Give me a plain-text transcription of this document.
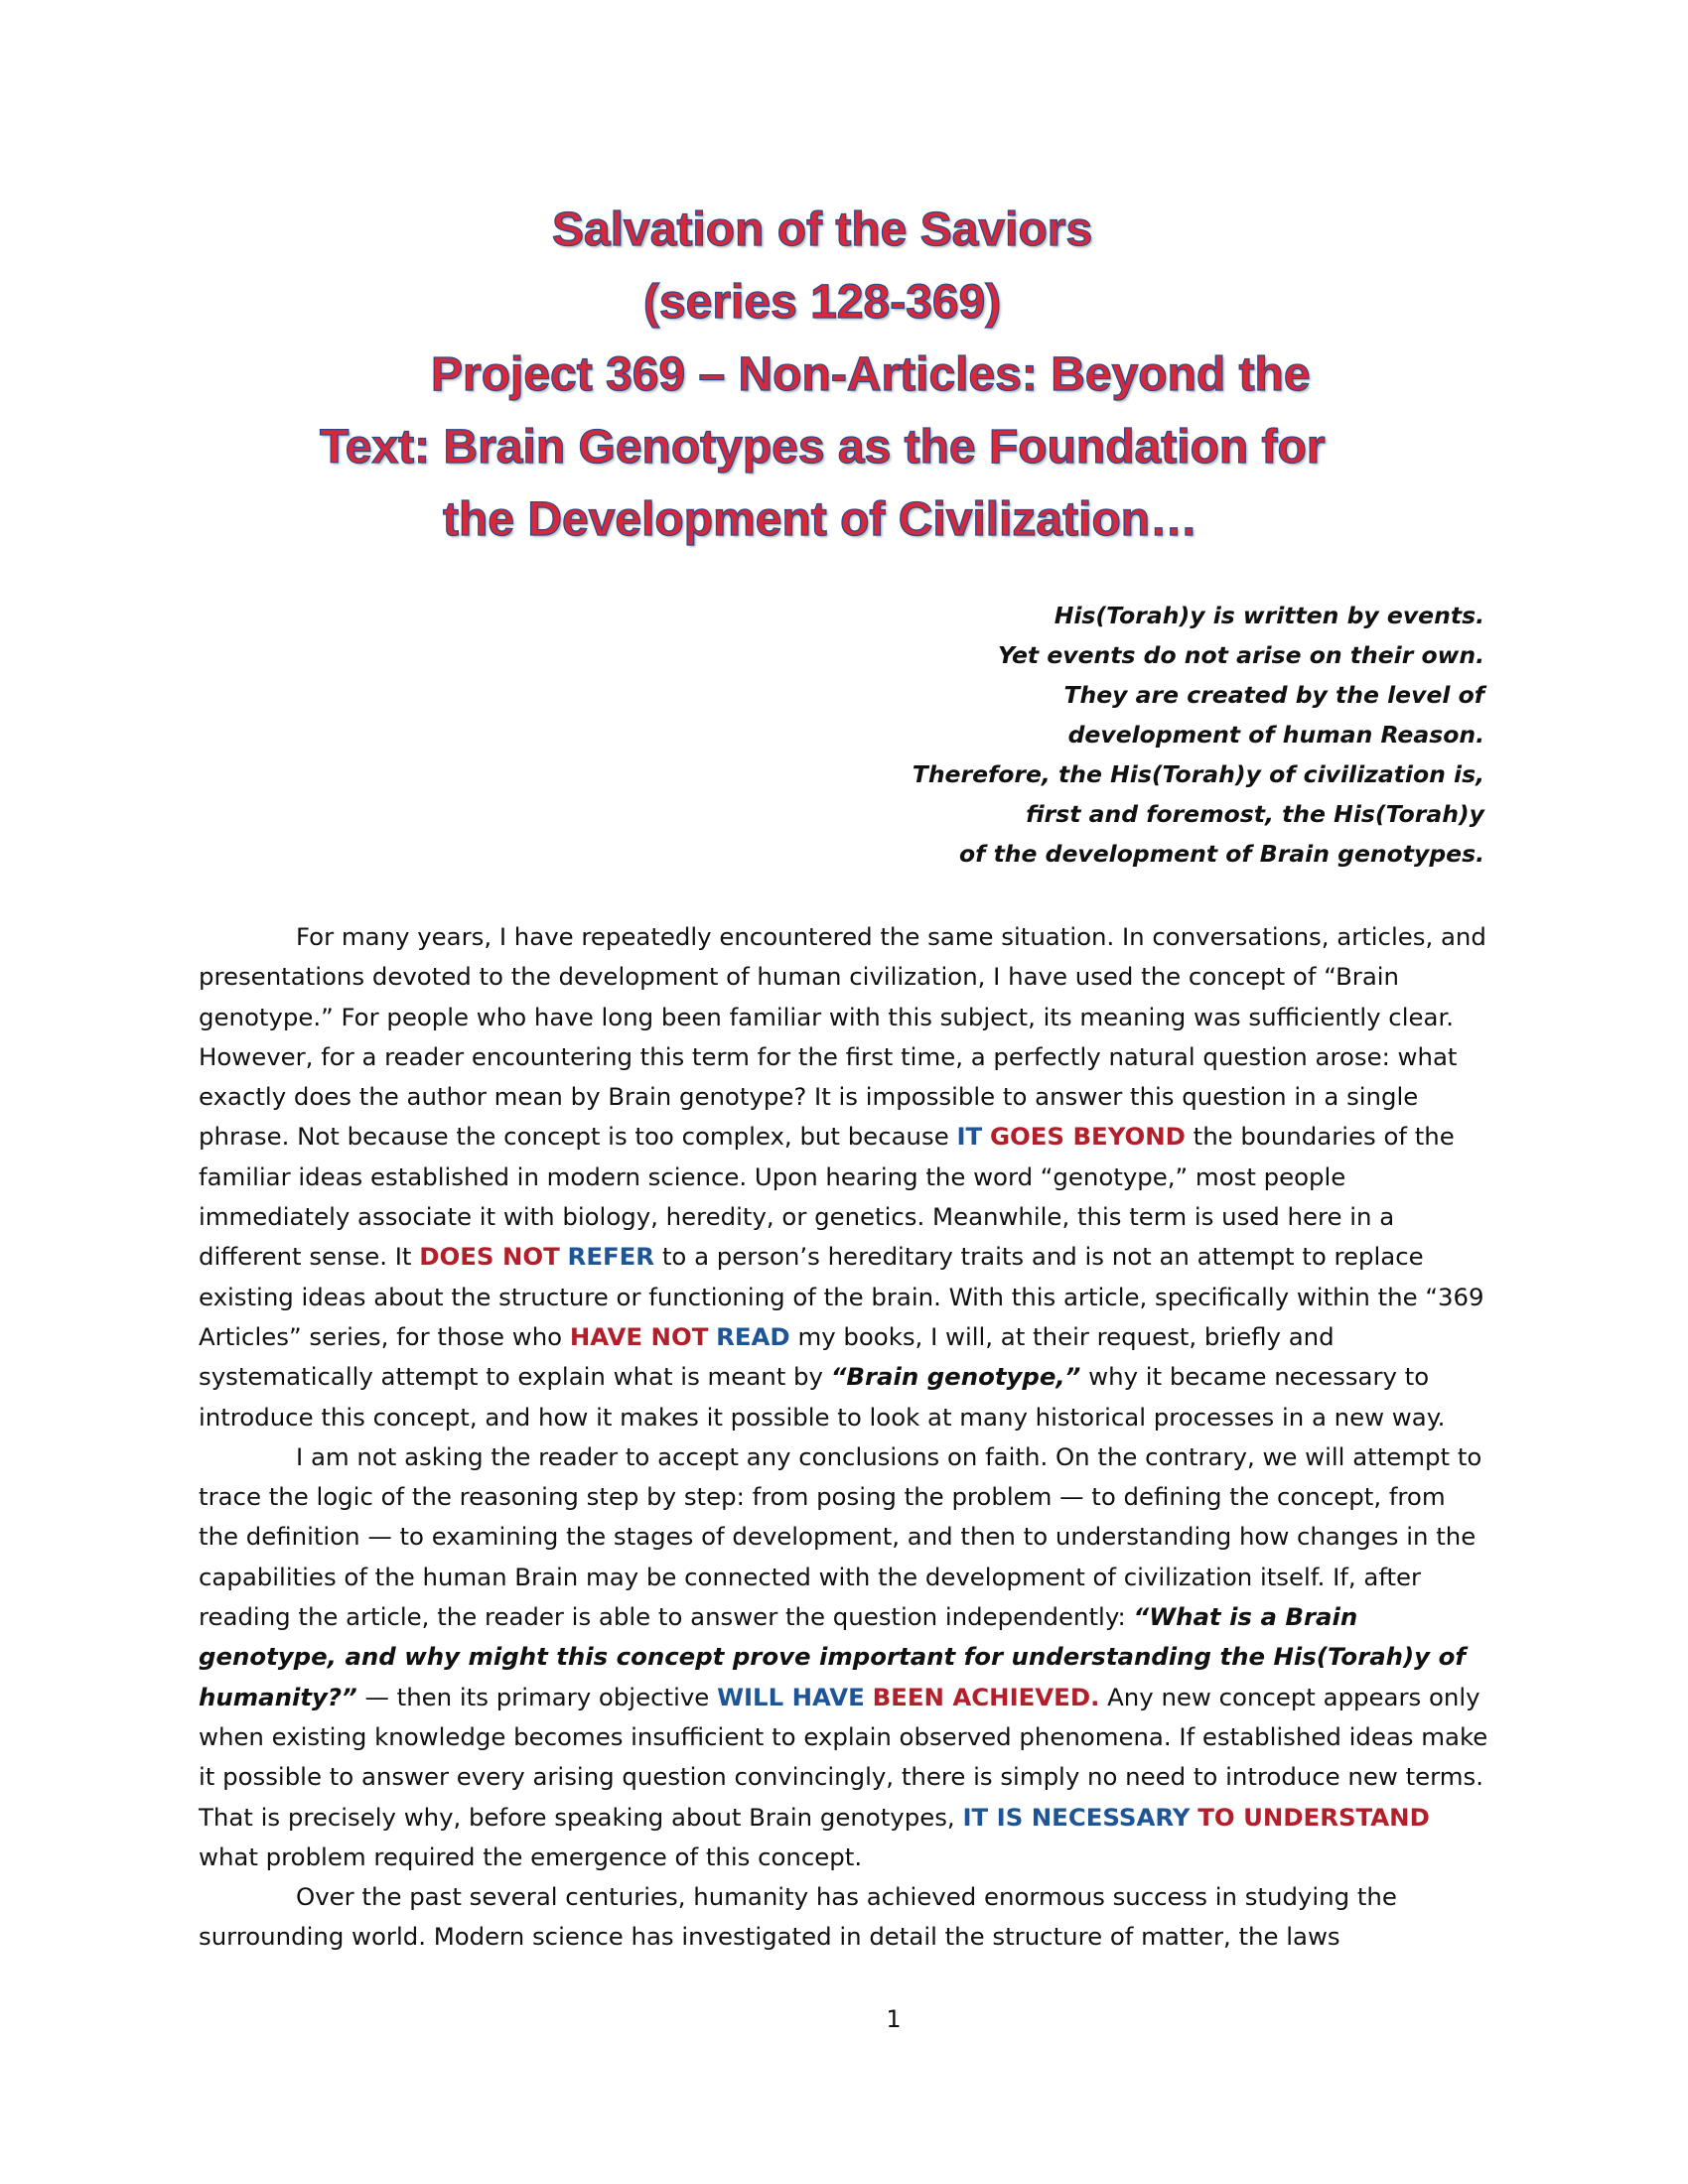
Salvation of the Saviors
(series 128-369)
Project 369 – Non-Articles: Beyond the
Text: Brain Genotypes as the Foundation for
the Development of Civilization…
His(Torah)y is written by events.
Yet events do not arise on their own.
They are created by the level of
development of human Reason.
Therefore, the His(Torah)y of civilization is,
first and foremost, the His(Torah)y
of the development of Brain genotypes.

For many years, I have repeatedly encountered the same situation. In conversations, articles, and presentations devoted to the development of human civilization, I have used the concept of “Brain genotype.” For people who have long been familiar with this subject, its meaning was sufficiently clear. However, for a reader encountering this term for the first time, a perfectly natural question arose: what exactly does the author mean by Brain genotype? It is impossible to answer this question in a single phrase. Not because the concept is too complex, but because IT GOES BEYOND the boundaries of the familiar ideas established in modern science. Upon hearing the word “genotype,” most people immediately associate it with biology, heredity, or genetics. Meanwhile, this term is used here in a different sense. It DOES NOT REFER to a person’s hereditary traits and is not an attempt to replace existing ideas about the structure or functioning of the brain. With this article, specifically within the “369 Articles” series, for those who HAVE NOT READ my books, I will, at their request, briefly and systematically attempt to explain what is meant by “Brain genotype,” why it became necessary to introduce this concept, and how it makes it possible to look at many historical processes in a new way.

I am not asking the reader to accept any conclusions on faith. On the contrary, we will attempt to trace the logic of the reasoning step by step: from posing the problem — to defining the concept, from the definition — to examining the stages of development, and then to understanding how changes in the capabilities of the human Brain may be connected with the development of civilization itself. If, after reading the article, the reader is able to answer the question independently: “What is a Brain genotype, and why might this concept prove important for understanding the His(Torah)y of humanity?” — then its primary objective WILL HAVE BEEN ACHIEVED. Any new concept appears only when existing knowledge becomes insufficient to explain observed phenomena. If established ideas make it possible to answer every arising question convincingly, there is simply no need to introduce new terms. That is precisely why, before speaking about Brain genotypes, IT IS NECESSARY TO UNDERSTAND what problem required the emergence of this concept.

Over the past several centuries, humanity has achieved enormous success in studying the surrounding world. Modern science has investigated in detail the structure of matter, the laws

1
